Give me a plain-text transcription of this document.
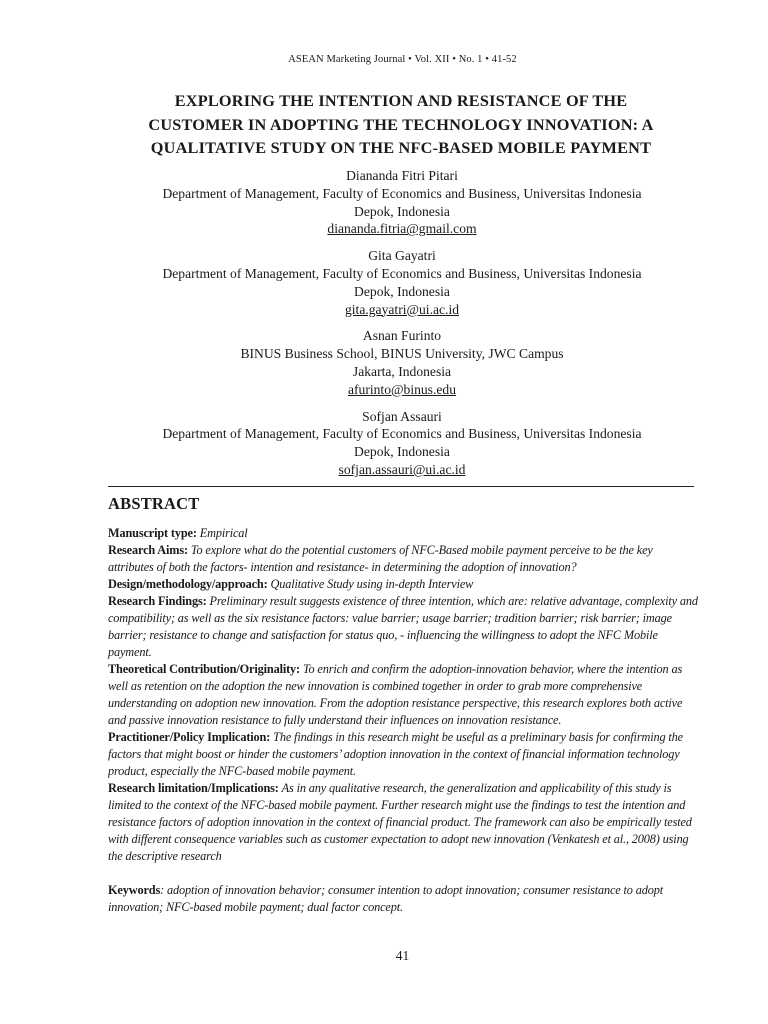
ASEAN Marketing Journal • Vol. XII • No. 1 • 41-52
EXPLORING THE INTENTION AND RESISTANCE OF THE
CUSTOMER IN ADOPTING THE TECHNOLOGY INNOVATION: A
QUALITATIVE STUDY ON THE NFC-BASED MOBILE PAYMENT
Diananda Fitri Pitari
Department of Management, Faculty of Economics and Business, Universitas Indonesia
Depok, Indonesia
diananda.fitria@gmail.com
Gita Gayatri
Department of Management, Faculty of Economics and Business, Universitas Indonesia
Depok, Indonesia
gita.gayatri@ui.ac.id
Asnan Furinto
BINUS Business School, BINUS University, JWC Campus
Jakarta, Indonesia
afurinto@binus.edu
Sofjan Assauri
Department of Management, Faculty of Economics and Business, Universitas Indonesia
Depok, Indonesia
sofjan.assauri@ui.ac.id
ABSTRACT

Manuscript type: Empirical

Research Aims: To explore what do the potential customers of NFC-Based mobile payment perceive to be the key attributes of both the factors- intention and resistance- in determining the adoption of innovation?

Design/methodology/approach: Qualitative Study using in-depth Interview

Research Findings: Preliminary result suggests existence of three intention, which are: relative advantage, complexity and compatibility; as well as the six resistance factors: value barrier; usage barrier; tradition barrier; risk barrier; image barrier; resistance to change and satisfaction for status quo, - influencing the willingness to adopt the NFC Mobile payment.

Theoretical Contribution/Originality: To enrich and confirm the adoption-innovation behavior, where the intention as well as retention on the adoption the new innovation is combined together in order to grab more comprehensive understanding on adoption new innovation. From the adoption resistance perspective, this research explores both active and passive innovation resistance to fully understand their influences on innovation resistance.

Practitioner/Policy Implication: The findings in this research might be useful as a preliminary basis for confirming the factors that might boost or hinder the customers’ adoption innovation in the context of financial information technology product, especially the NFC-based mobile payment.

Research limitation/Implications: As in any qualitative research, the generalization and applicability of this study is limited to the context of the NFC-based mobile payment. Further research might use the findings to test the intention and resistance factors of adoption innovation in the context of financial product. The framework can also be empirically tested with different consequence variables such as customer expectation to adopt new innovation (Venkatesh et al., 2008) using the descriptive research

Keywords: adoption of innovation behavior; consumer intention to adopt innovation; consumer resistance to adopt innovation; NFC-based mobile payment; dual factor concept.

41
